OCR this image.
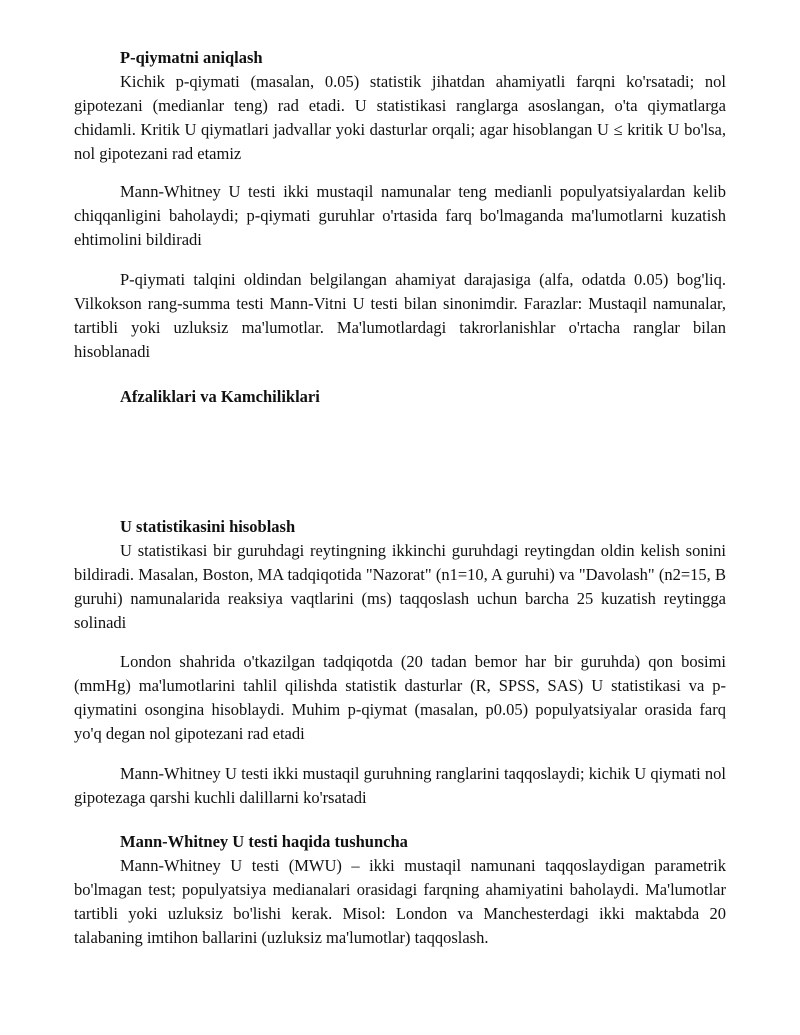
P-qiymatni aniqlash
Kichik p-qiymati (masalan, 0.05) statistik jihatdan ahamiyatli farqni ko'rsatadi; nol gipotezani (medianlar teng) rad etadi. U statistikasi ranglarga asoslangan, o'ta qiymatlarga chidamli. Kritik U qiymatlari jadvallar yoki dasturlar orqali; agar hisoblangan U ≤ kritik U bo'lsa, nol gipotezani rad etamiz
Mann-Whitney U testi ikki mustaqil namunalar teng medianli populyatsiyalardan kelib chiqqanligini baholaydi; p-qiymati guruhlar o'rtasida farq bo'lmaganda ma'lumotlarni kuzatish ehtimolini bildiradi
P-qiymati talqini oldindan belgilangan ahamiyat darajasiga (alfa, odatda 0.05) bog'liq. Vilkokson rang-summa testi Mann-Vitni U testi bilan sinonimdir. Farazlar: Mustaqil namunalar, tartibli yoki uzluksiz ma'lumotlar. Ma'lumotlardagi takrorlanishlar o'rtacha ranglar bilan hisoblanadi
Afzaliklari va Kamchiliklari
U statistikasini hisoblash
U statistikasi bir guruhdagi reytingning ikkinchi guruhdagi reytingdan oldin kelish sonini bildiradi. Masalan, Boston, MA tadqiqotida "Nazorat" (n1=10, A guruhi) va "Davolash" (n2=15, B guruhi) namunalarida reaksiya vaqtlarini (ms) taqqoslash uchun barcha 25 kuzatish reytingga solinadi
London shahrida o'tkazilgan tadqiqotda (20 tadan bemor har bir guruhda) qon bosimi (mmHg) ma'lumotlarini tahlil qilishda statistik dasturlar (R, SPSS, SAS) U statistikasi va p-qiymatini osongina hisoblaydi. Muhim p-qiymat (masalan, p0.05) populyatsiyalar orasida farq yo'q degan nol gipotezani rad etadi
Mann-Whitney U testi ikki mustaqil guruhning ranglarini taqqoslaydi; kichik U qiymati nol gipotezaga qarshi kuchli dalillarni ko'rsatadi
Mann-Whitney U testi haqida tushuncha
Mann-Whitney U testi (MWU) – ikki mustaqil namunani taqqoslaydigan parametrik bo'lmagan test; populyatsiya medianalari orasidagi farqning ahamiyatini baholaydi. Ma'lumotlar tartibli yoki uzluksiz bo'lishi kerak. Misol: London va Manchesterdagi ikki maktabda 20 talabaning imtihon ballarini (uzluksiz ma'lumotlar) taqqoslash.
